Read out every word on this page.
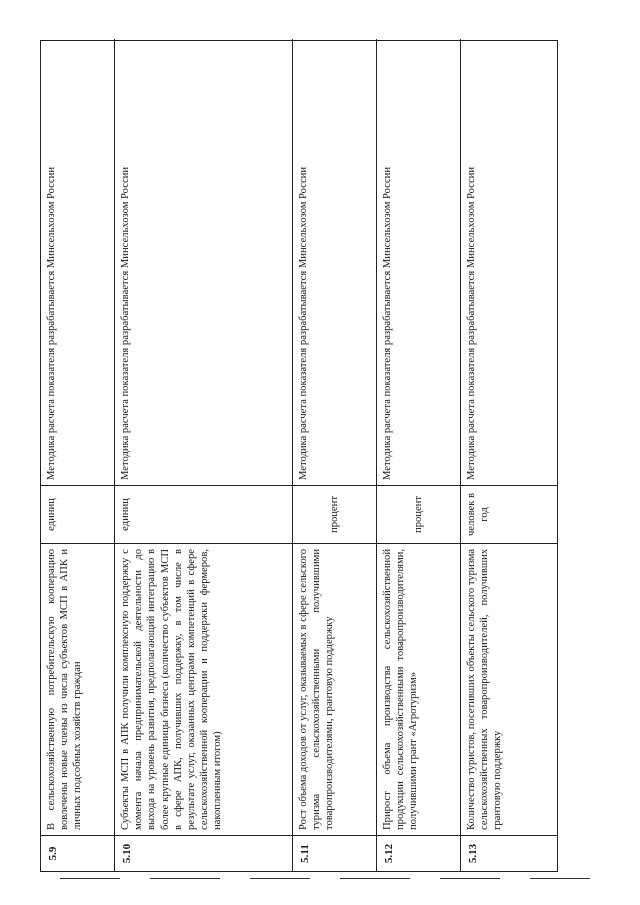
5.9
В сельскохозяйственную потребительскую кооперацию вовлечены новые члены из числа субъектов МСП в АПК и личных подсобных хозяйств граждан
единиц
Методика расчета показателя разрабатывается Минсельхозом России
5.10
Субъекты МСП в АПК получили комплексную поддержку с момента начала предпринимательской деятельности до выхода на уровень развития, предполагающий интеграцию в более крупные единицы бизнеса (количество субъектов МСП в сфере АПК, получивших поддержку, в том числе в результате услуг, оказанных центрами компетенций в сфере сельскохозяйственной кооперации и поддержки фермеров, накопленным итогом)
единиц
Методика расчета показателя разрабатывается Минсельхозом России
5.11
Рост объема доходов от услуг, оказываемых в сфере сельского туризма сельскохозяйственными получившими товаропроизводителями, грантовую поддержку
процент
Методика расчета показателя разрабатывается Минсельхозом России
5.12
Прирост объема производства сельскохозяйственной продукции сельскохозяйственными товаропроизводителями, получившими грант «Агротуризм»
процент
Методика расчета показателя разрабатывается Минсельхозом России
5.13
Количество туристов, посетивших объекты сельского туризма сельскохозяйственных товаропроизводителей, получивших грантовую поддержку
человек в год
Методика расчета показателя разрабатывается Минсельхозом России
